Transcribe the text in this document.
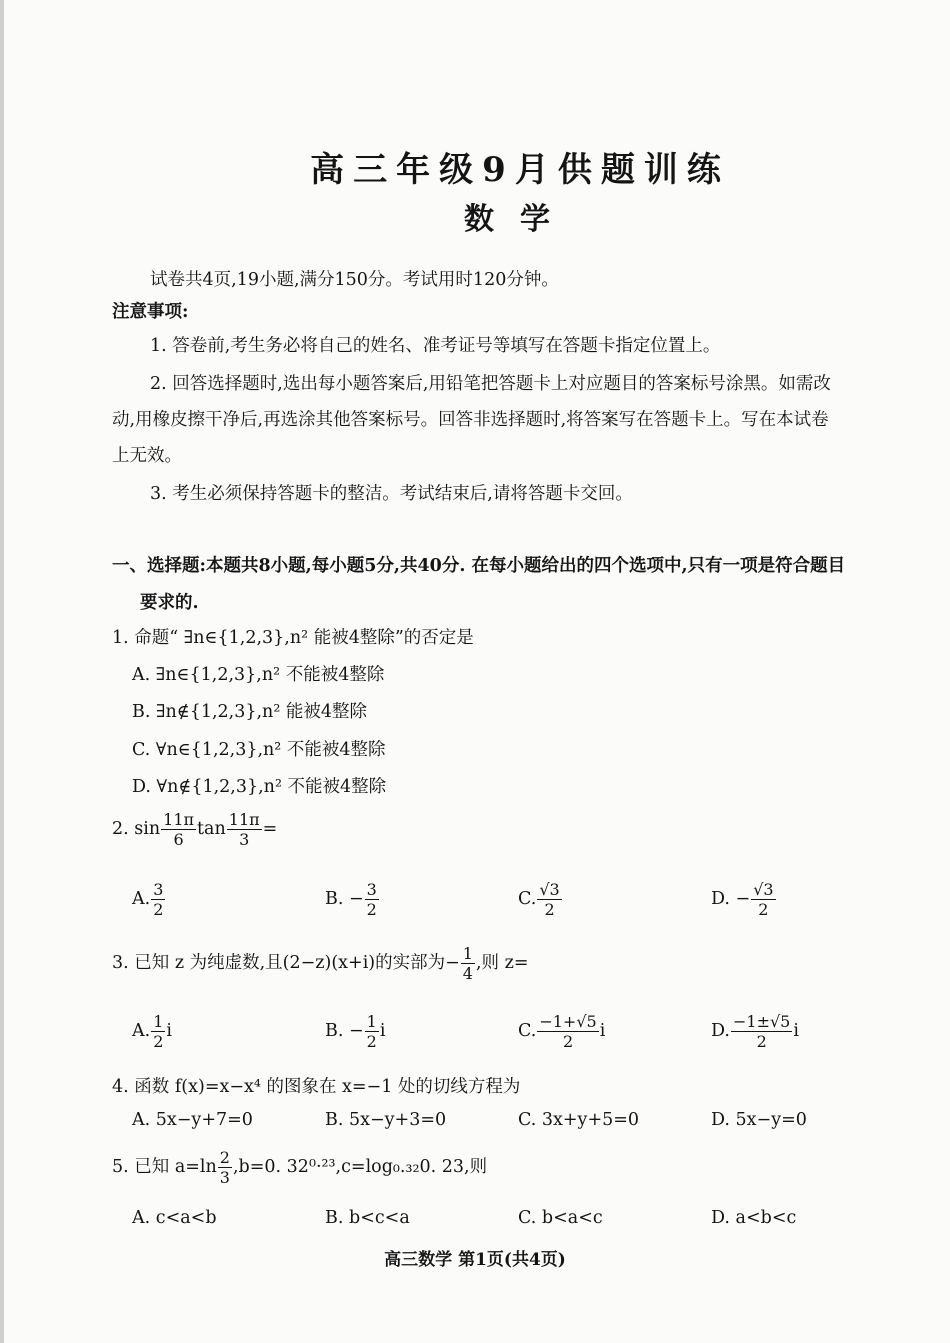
高三年级9月供题训练
数学
试卷共4页,19小题,满分150分。考试用时120分钟。
注意事项:
1. 答卷前,考生务必将自己的姓名、准考证号等填写在答题卡指定位置上。
2. 回答选择题时,选出每小题答案后,用铅笔把答题卡上对应题目的答案标号涂黑。如需改
动,用橡皮擦干净后,再选涂其他答案标号。回答非选择题时,将答案写在答题卡上。写在本试卷
上无效。
3. 考生必须保持答题卡的整洁。考试结束后,请将答题卡交回。
一、选择题:本题共8小题,每小题5分,共40分. 在每小题给出的四个选项中,只有一项是符合题目
要求的.
1. 命题“ ∃n∈{1,2,3},n² 能被4整除”的否定是
A. ∃n∈{1,2,3},n² 不能被4整除
B. ∃n∉{1,2,3},n² 能被4整除
C. ∀n∈{1,2,3},n² 不能被4整除
D. ∀n∉{1,2,3},n² 不能被4整除
2. $\sin \frac{11\pi}{6}$ $\tan \frac{11\pi}{3}$ =
A. $\frac{3}{2}$	B. − $\frac{3}{2}$	C. $\frac{√3}{2}$	D. − $\frac{√3}{2}$
3. 已知 z 为纯虚数,且(2−z)(x+i)的实部为− $\frac{1}{4}$ ,则 z=
A. $\frac{1}{2}$ i	B. − $\frac{1}{2}$ i	C. $\frac{-1+√5}{2}$ i	D. $\frac{-1\pm√5}{2}$ i
4. 函数 f(x)=x−x⁴ 的图象在 x=−1 处的切线方程为
A. 5x−y+7=0	B. 5x−y+3=0	C. 3x+y+5=0	D. 5x−y=0
5. 已知 $a=\ln \frac{2}{3} ,b=0$. 32⁰·²³,c=log₀.₃₂0. 23,则
A. c<a<b	B. b<c<a	C. b<a<c	D. a<b<c
高三数学 第1页(共4页)
